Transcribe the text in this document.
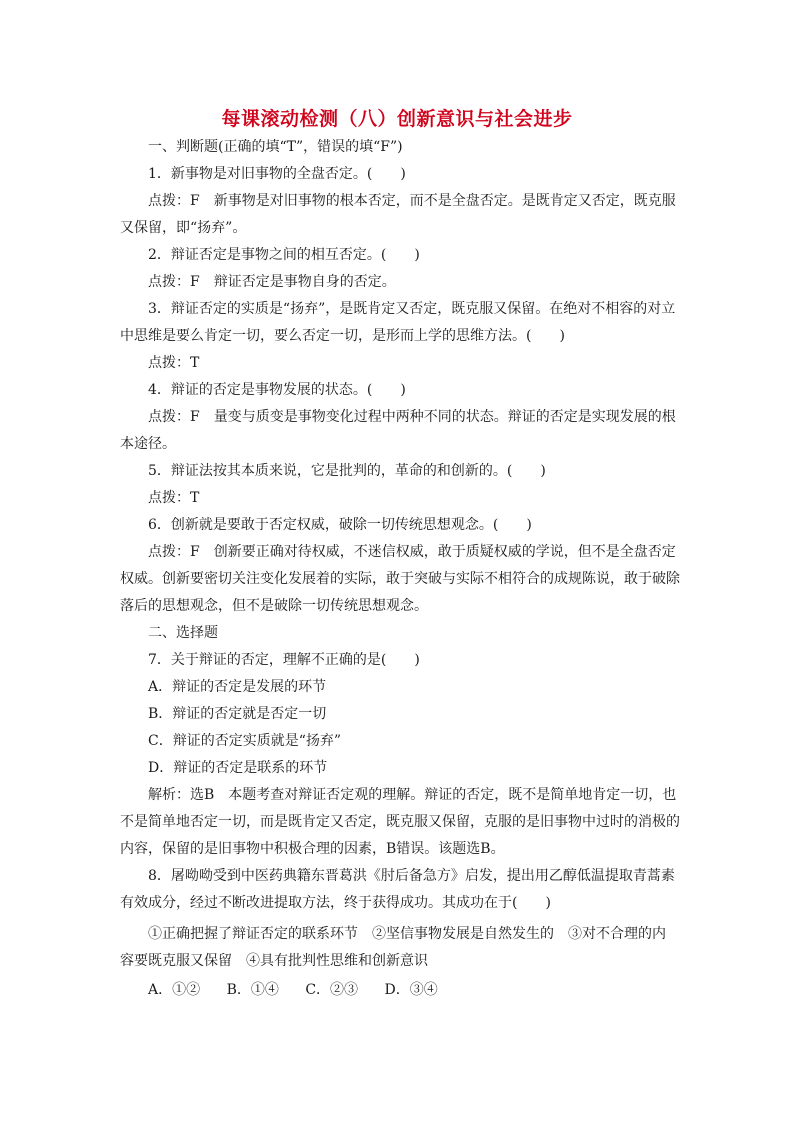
每课滚动检测（八）创新意识与社会进步
一、判断题(正确的填“T”，错误的填“F”)
1．新事物是对旧事物的全盘否定。(　　)
点拨：F　新事物是对旧事物的根本否定，而不是全盘否定。是既肯定又否定，既克服
又保留，即“扬弃”。
2．辩证否定是事物之间的相互否定。(　　)
点拨：F　辩证否定是事物自身的否定。
3．辩证否定的实质是“扬弃”，是既肯定又否定，既克服又保留。在绝对不相容的对立
中思维是要么肯定一切，要么否定一切，是形而上学的思维方法。(　　)
点拨：T
4．辩证的否定是事物发展的状态。(　　)
点拨：F　量变与质变是事物变化过程中两种不同的状态。辩证的否定是实现发展的根
本途径。
5．辩证法按其本质来说，它是批判的，革命的和创新的。(　　)
点拨：T
6．创新就是要敢于否定权威，破除一切传统思想观念。(　　)
点拨：F　创新要正确对待权威，不迷信权威，敢于质疑权威的学说，但不是全盘否定
权威。创新要密切关注变化发展着的实际，敢于突破与实际不相符合的成规陈说，敢于破除
落后的思想观念，但不是破除一切传统思想观念。
二、选择题
7．关于辩证的否定，理解不正确的是(　　)
A．辩证的否定是发展的环节
B．辩证的否定就是否定一切
C．辩证的否定实质就是“扬弃”
D．辩证的否定是联系的环节
解析：选B　本题考查对辩证否定观的理解。辩证的否定，既不是简单地肯定一切，也
不是简单地否定一切，而是既肯定又否定，既克服又保留，克服的是旧事物中过时的消极的
内容，保留的是旧事物中积极合理的因素，B错误。该题选B。
8．屠呦呦受到中医药典籍东晋葛洪《肘后备急方》启发，提出用乙醇低温提取青蒿素
有效成分，经过不断改进提取方法，终于获得成功。其成功在于(　　)
①正确把握了辩证否定的联系环节　②坚信事物发展是自然发生的　③对不合理的内
容要既克服又保留　④具有批判性思维和创新意识
A．①② B．①④ C．②③ D．③④
